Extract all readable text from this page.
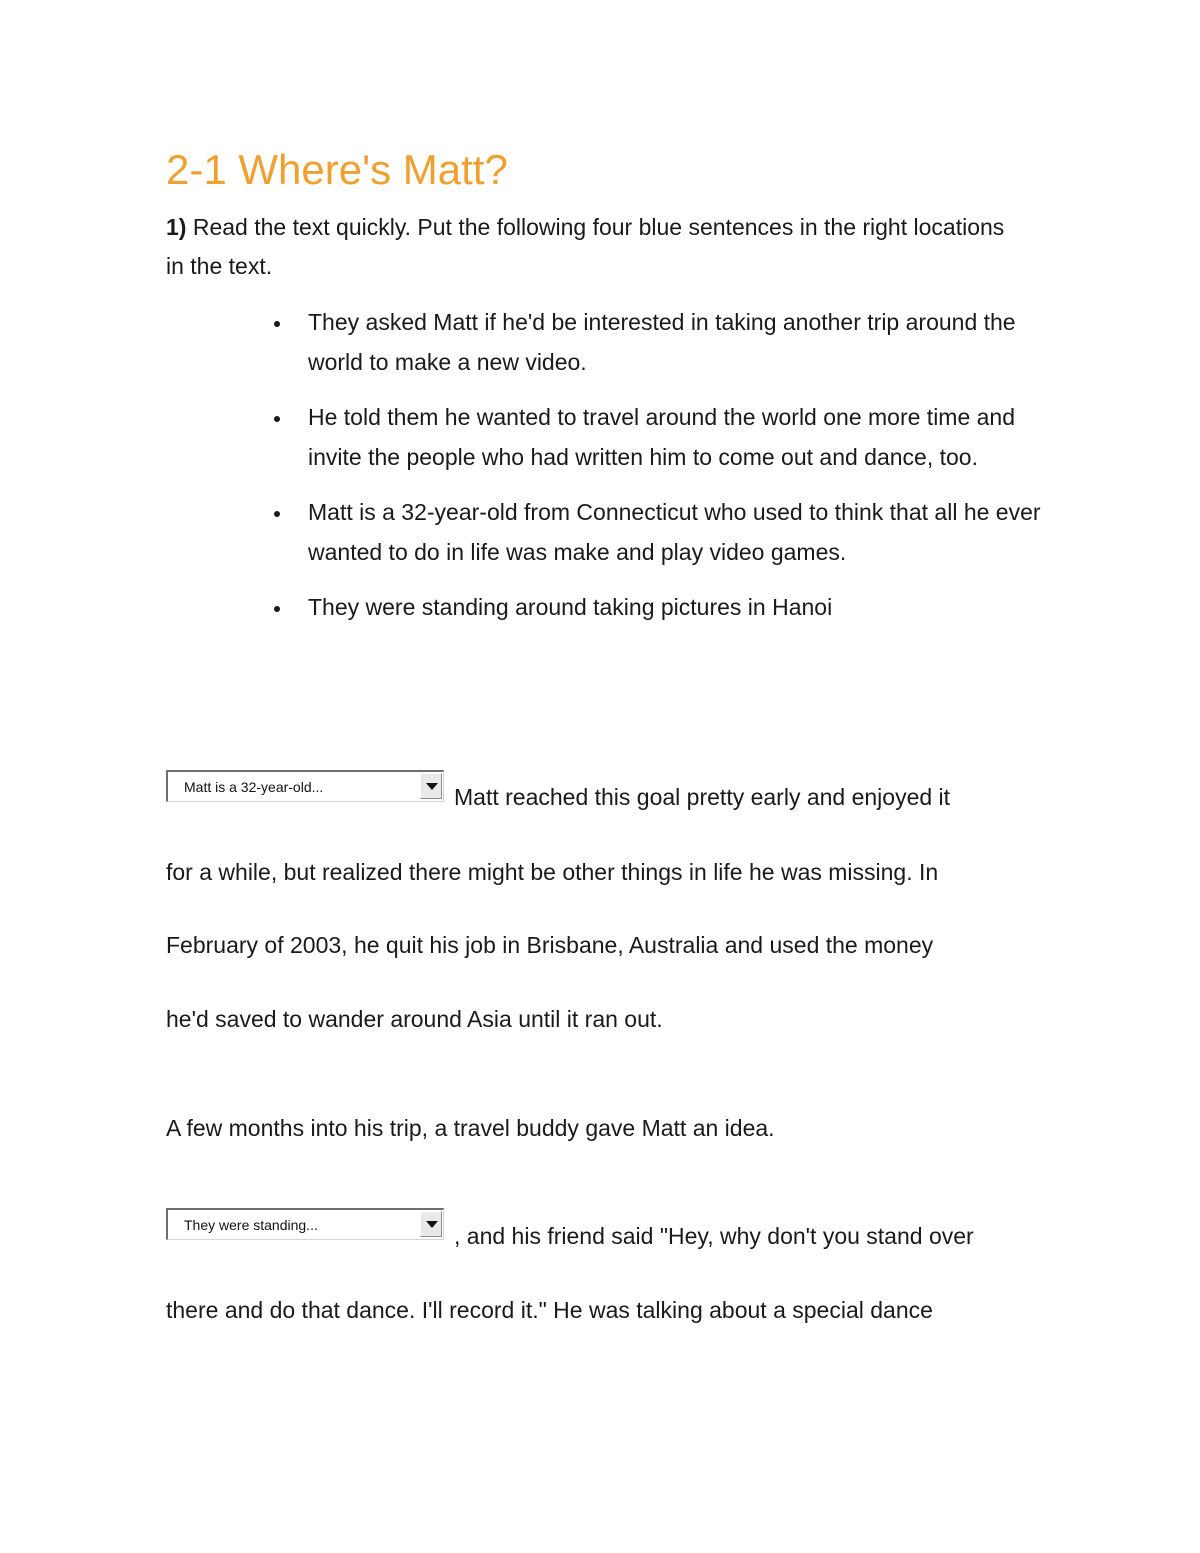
2-1 Where's Matt?

1) Read the text quickly. Put the following four blue sentences in the right locations in the text.

They asked Matt if he'd be interested in taking another trip around the world to make a new video.
He told them he wanted to travel around the world one more time and invite the people who had written him to come out and dance, too.
Matt is a 32-year-old from Connecticut who used to think that all he ever wanted to do in life was make and play video games.
They were standing around taking pictures in Hanoi
Matt is a 32-year-old...	Matt reached this goal pretty early and enjoyed it

for a while, but realized there might be other things in life he was missing. In

February of 2003, he quit his job in Brisbane, Australia and used the money

he'd saved to wander around Asia until it ran out.

A few months into his trip, a travel buddy gave Matt an idea.

They were standing...	, and his friend said "Hey, why don't you stand over

there and do that dance. I'll record it." He was talking about a special dance
